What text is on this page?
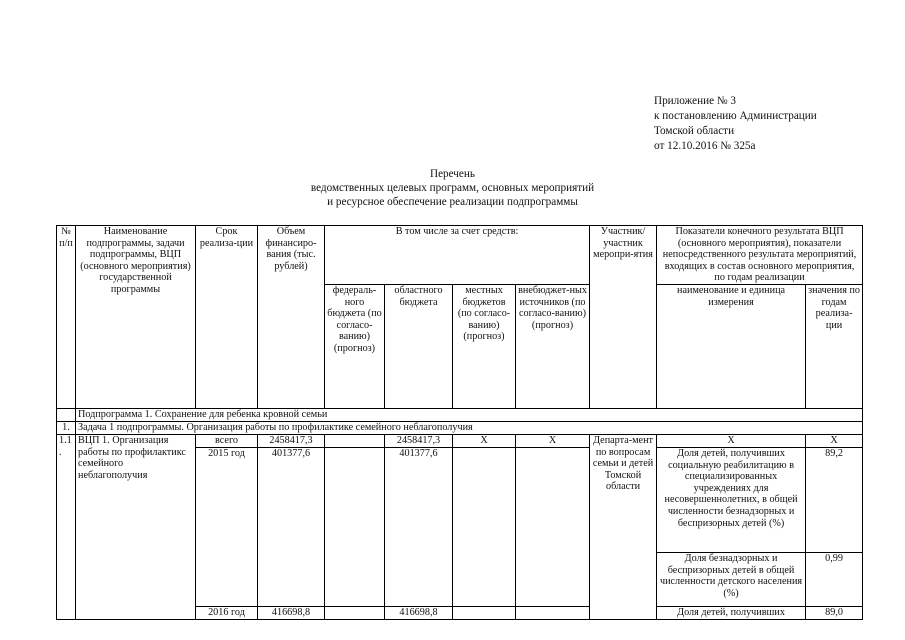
Приложение № 3
к постановлению Администрации
Томской области
от 12.10.2016 № 325а
Перечень
ведомственных целевых программ, основных мероприятий
и ресурсное обеспечение реализации подпрограммы
№ п/п	Наименование подпрограммы, задачи подпрограммы, ВЦП (основного мероприятия) государственной программы	Срок реализа-ции	Объем финансиро-вания (тыс. рублей)	В том числе за счет средств:				Участник/ участник меропри-ятия	Показатели конечного результата ВЦП (основного мероприятия), показатели непосредственного результата мероприятий, входящих в состав основного мероприятия, по годам реализации	
				федераль-ного бюджета (по согласо-ванию) (прогноз)	областного бюджета	местных бюджетов (по согласо-ванию) (прогноз)	внебюджет-ных источников (по согласо-ванию) (прогноз)		наименование и единица измерения	значения по годам реализа-ции
	Подпрограмма 1. Сохранение для ребенка кровной семьи									
1.	Задача 1 подпрограммы. Организация работы по профилактике семейного неблагополучия									
1.1.	ВЦП 1. Организация работы по профилактикс семейного неблагополучия	всего	2458417,3		2458417,3	X	X	Департа-мент по вопросам семьи и детей Томской области	X	X
		2015 год	401377,6		401377,6				Доля детей, получивших социальную реабилитацию в специализированных учреждениях для несовершеннолетних, в общей численности безнадзорных и беспризорных детей (%)	89,2
									Доля безнадзорных и беспризорных детей в общей численности детского населения (%)	0,99
		2016 год	416698,8		416698,8				Доля детей, получивших	89,0
